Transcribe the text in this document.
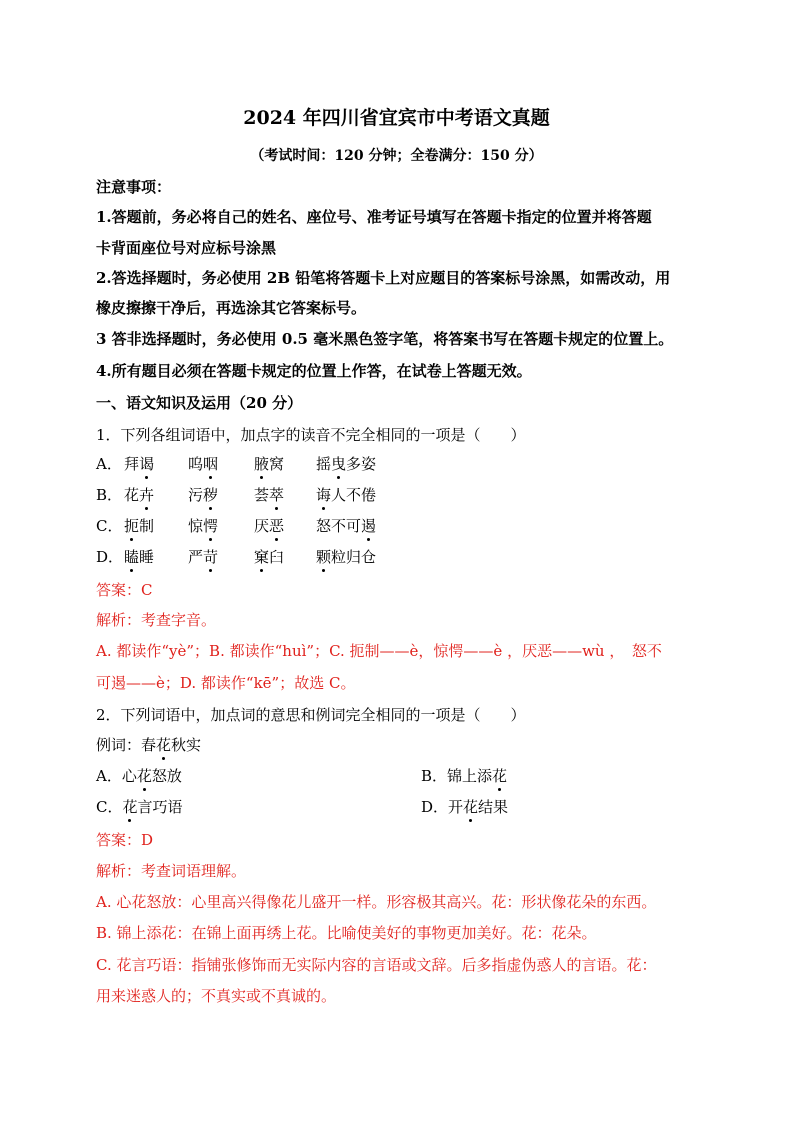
2024 年四川省宜宾市中考语文真题
（考试时间：120 分钟；全卷满分：150 分）
注意事项：
1.答题前，务必将自己的姓名、座位号、准考证号填写在答题卡指定的位置并将答题
卡背面座位号对应标号涂黑
2.答选择题时，务必使用 2B 铅笔将答题卡上对应题目的答案标号涂黑，如需改动，用
橡皮擦擦干净后，再选涂其它答案标号。
3 答非选择题时，务必使用 0.5 毫米黑色签字笔，将答案书写在答题卡规定的位置上。
4.所有题目必须在答题卡规定的位置上作答，在试卷上答题无效。
一、语文知识及运用（20 分）
1．下列各组词语中，加点字的读音不完全相同的一项是（　　）
A． 拜谒 呜咽 腋窝 摇曳多姿
B． 花卉 污秽 荟萃 诲人不倦
C． 扼制 惊愕 厌恶 怒不可遏
D． 瞌睡 严苛 窠臼 颗粒归仓
答案：C
解析：考查字音。
A. 都读作“yè”；B. 都读作“huì”；C. 扼制——è，惊愕——è ，厌恶——wù ，　怒不
可遏——è；D. 都读作“kē”；故选 C。
2．下列词语中，加点词的意思和例词完全相同的一项是（　　）
例词：春花秋实
A．心花怒放	B．锦上添花
C．花言巧语	D．开花结果
答案：D
解析：考查词语理解。
A. 心花怒放：心里高兴得像花儿盛开一样。形容极其高兴。花：形状像花朵的东西。
B. 锦上添花：在锦上面再绣上花。比喻使美好的事物更加美好。花：花朵。
C. 花言巧语：指铺张修饰而无实际内容的言语或文辞。后多指虚伪惑人的言语。花：
用来迷惑人的；不真实或不真诚的。
